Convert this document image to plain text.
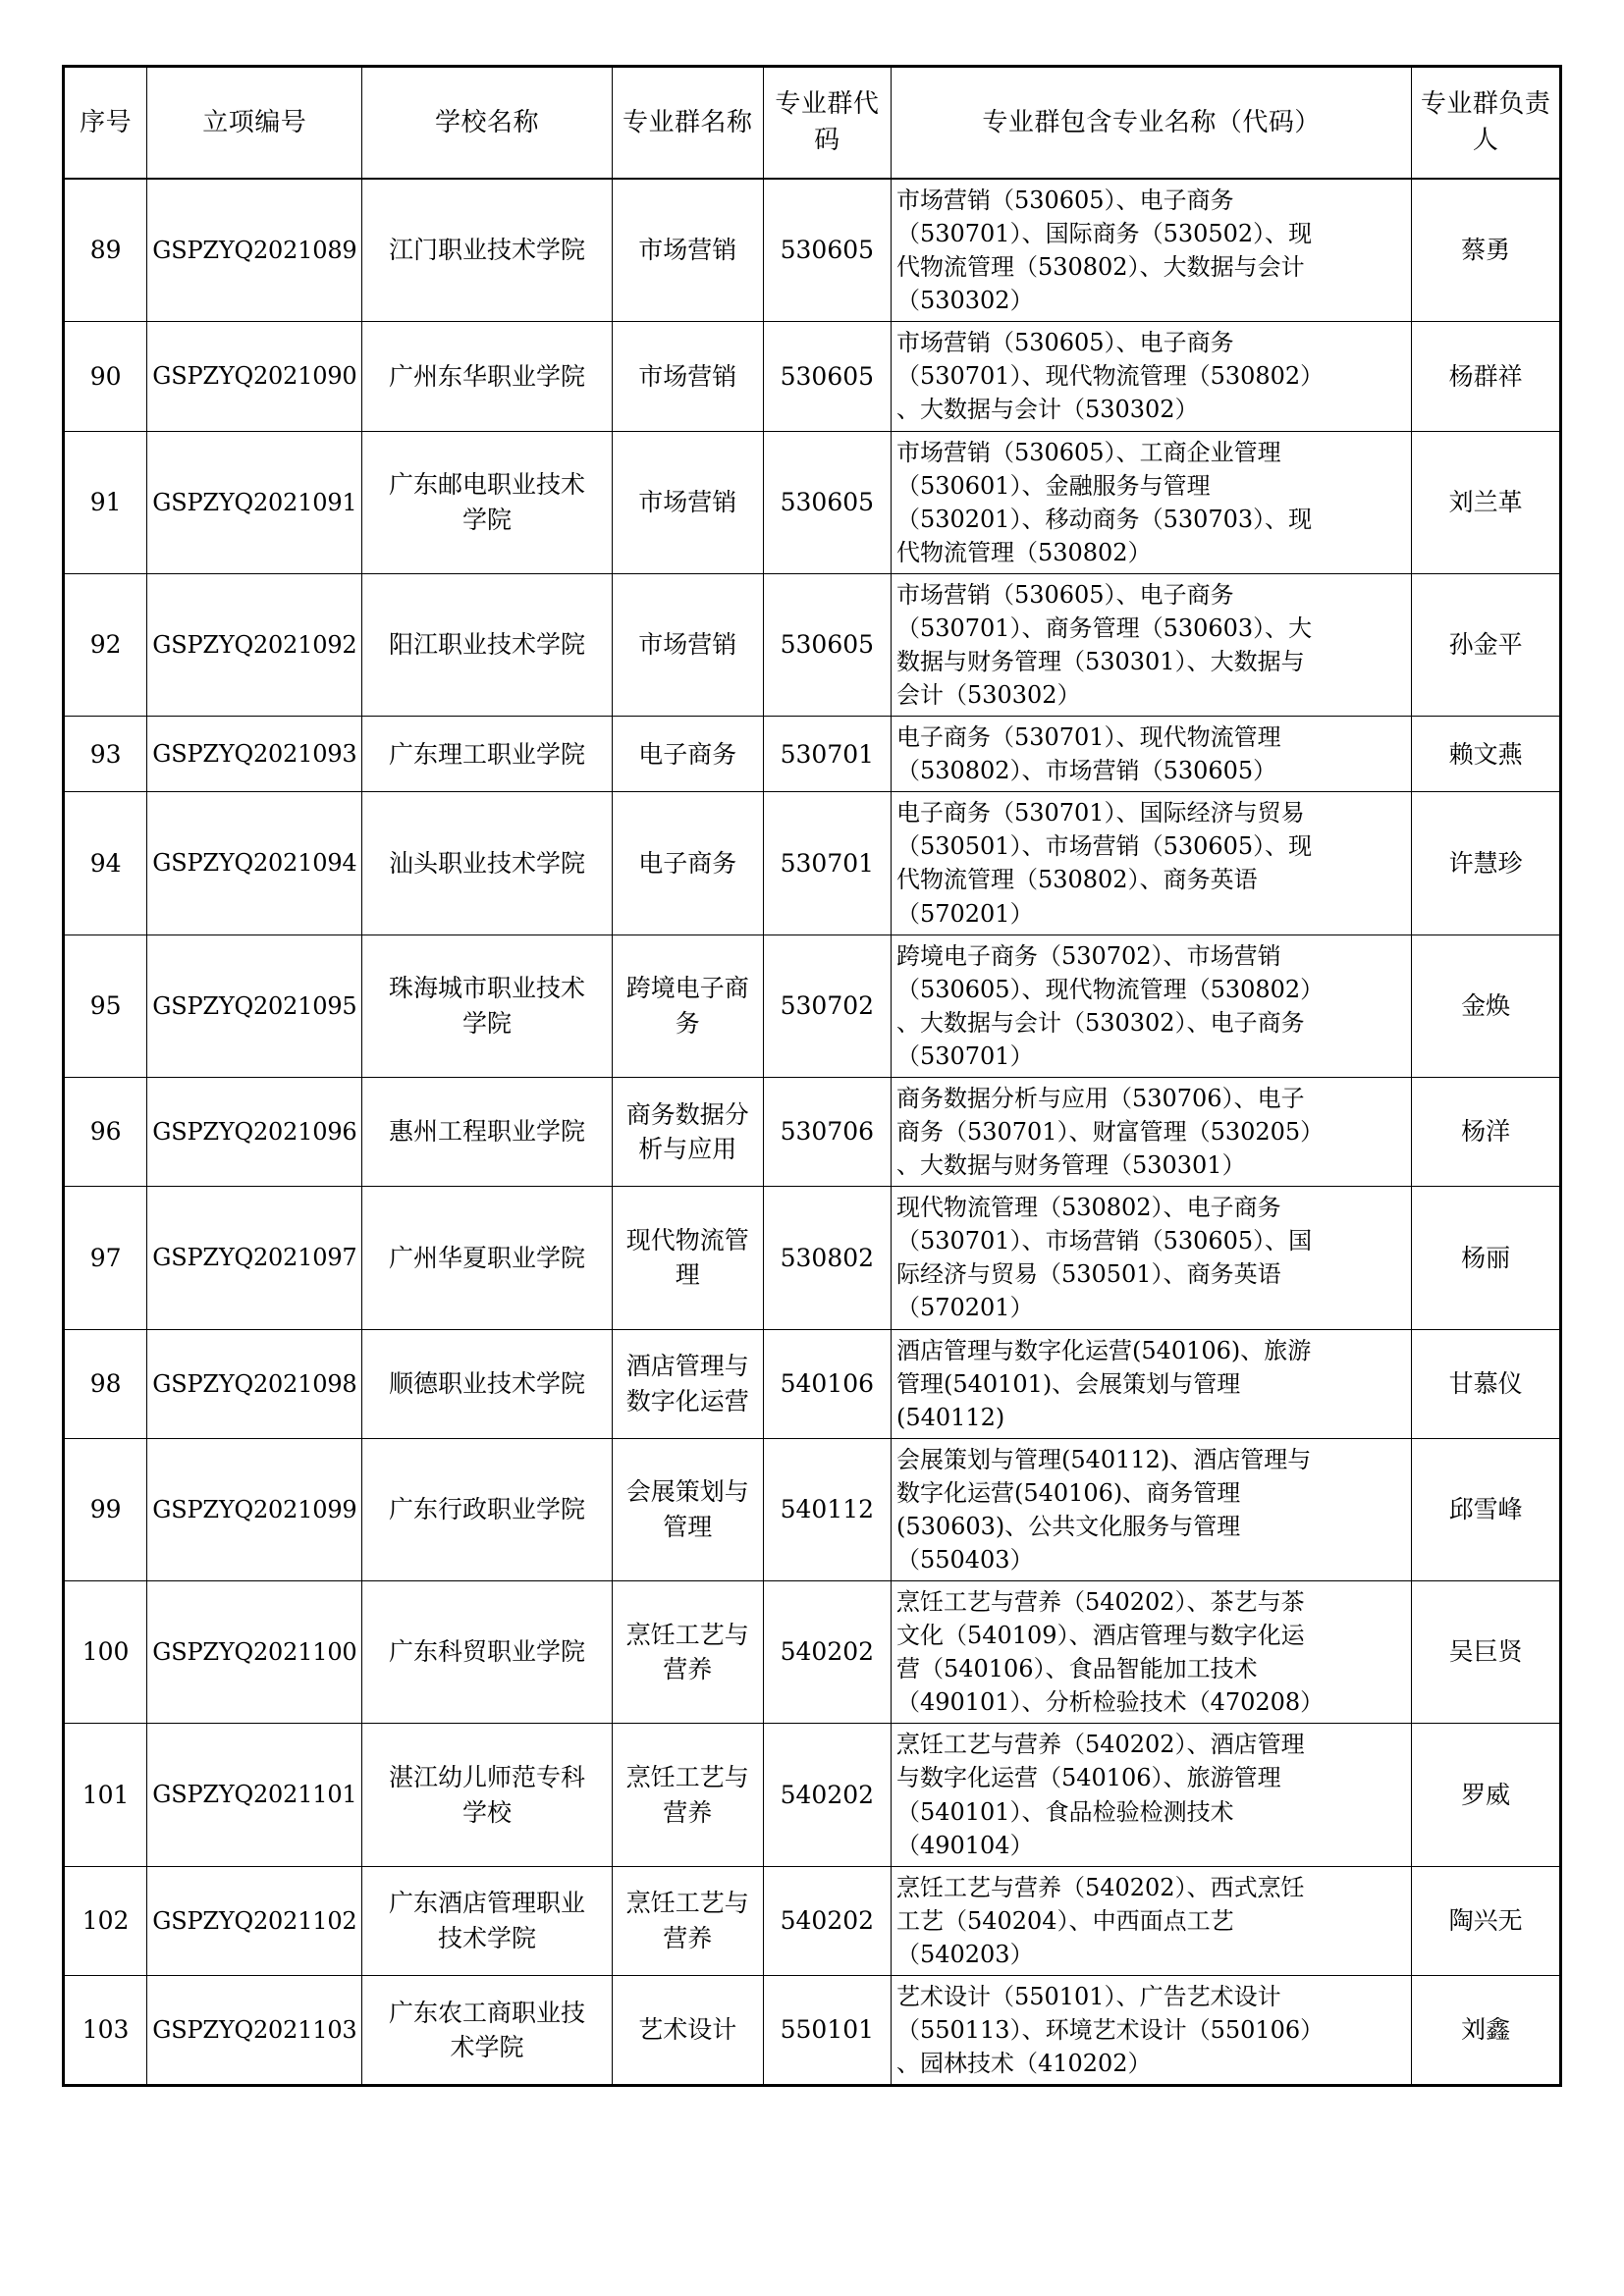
序号	立项编号	学校名称	专业群名称	专业群代码	专业群包含专业名称（代码）	专业群负责人
89	GSPZYQ2021089	江门职业技术学院	市场营销	530605	市场营销（530605）、电子商务
（530701）、国际商务（530502）、现
代物流管理（530802）、大数据与会计
（530302）	蔡勇
90	GSPZYQ2021090	广州东华职业学院	市场营销	530605	市场营销（530605）、电子商务
（530701）、现代物流管理（530802）
、大数据与会计（530302）	杨群祥
91	GSPZYQ2021091	广东邮电职业技术
学院	市场营销	530605	市场营销（530605）、工商企业管理
（530601）、金融服务与管理
（530201）、移动商务（530703）、现
代物流管理（530802）	刘兰革
92	GSPZYQ2021092	阳江职业技术学院	市场营销	530605	市场营销（530605）、电子商务
（530701）、商务管理（530603）、大
数据与财务管理（530301）、大数据与
会计（530302）	孙金平
93	GSPZYQ2021093	广东理工职业学院	电子商务	530701	电子商务（530701）、现代物流管理
（530802）、市场营销（530605）	赖文燕
94	GSPZYQ2021094	汕头职业技术学院	电子商务	530701	电子商务（530701）、国际经济与贸易
（530501）、市场营销（530605）、现
代物流管理（530802）、商务英语
（570201）	许慧珍
95	GSPZYQ2021095	珠海城市职业技术
学院	跨境电子商
务	530702	跨境电子商务（530702）、市场营销
（530605）、现代物流管理（530802）
、大数据与会计（530302）、电子商务
（530701）	金焕
96	GSPZYQ2021096	惠州工程职业学院	商务数据分
析与应用	530706	商务数据分析与应用（530706）、电子
商务（530701）、财富管理（530205）
、大数据与财务管理（530301）	杨洋
97	GSPZYQ2021097	广州华夏职业学院	现代物流管
理	530802	现代物流管理（530802）、电子商务
（530701）、市场营销（530605）、国
际经济与贸易（530501）、商务英语
（570201）	杨丽
98	GSPZYQ2021098	顺德职业技术学院	酒店管理与
数字化运营	540106	酒店管理与数字化运营(540106)、旅游
管理(540101)、会展策划与管理
(540112)	甘慕仪
99	GSPZYQ2021099	广东行政职业学院	会展策划与
管理	540112	会展策划与管理(540112)、酒店管理与
数字化运营(540106)、商务管理
(530603)、公共文化服务与管理
（550403）	邱雪峰
100	GSPZYQ2021100	广东科贸职业学院	烹饪工艺与
营养	540202	烹饪工艺与营养（540202）、茶艺与茶
文化（540109）、酒店管理与数字化运
营（540106）、食品智能加工技术
（490101）、分析检验技术（470208）	吴巨贤
101	GSPZYQ2021101	湛江幼儿师范专科
学校	烹饪工艺与
营养	540202	烹饪工艺与营养（540202）、酒店管理
与数字化运营（540106）、旅游管理
（540101）、食品检验检测技术
（490104）	罗威
102	GSPZYQ2021102	广东酒店管理职业
技术学院	烹饪工艺与
营养	540202	烹饪工艺与营养（540202）、西式烹饪
工艺（540204）、中西面点工艺
（540203）	陶兴无
103	GSPZYQ2021103	广东农工商职业技
术学院	艺术设计	550101	艺术设计（550101）、广告艺术设计
（550113）、环境艺术设计（550106）
、园林技术（410202）	刘鑫
